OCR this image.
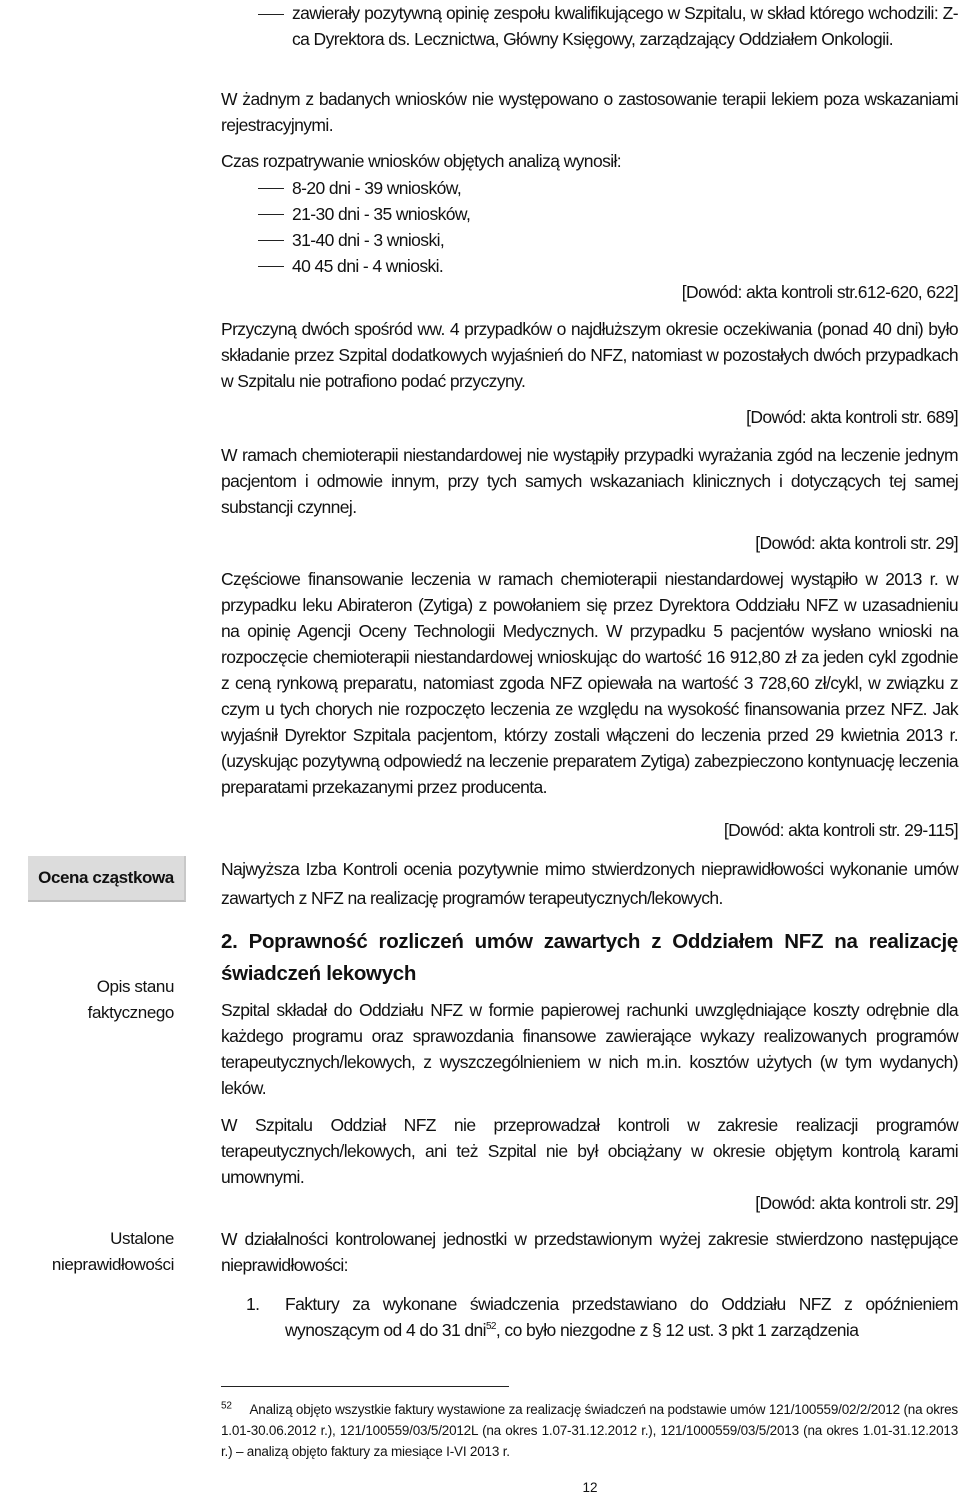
zawierały pozytywną opinię zespołu kwalifikującego w Szpitalu, w skład którego wchodzili: Z-ca Dyrektora ds. Lecznictwa, Główny Księgowy, zarządzający Oddziałem Onkologii.
W żadnym z badanych wniosków nie występowano o zastosowanie terapii lekiem poza wskazaniami rejestracyjnymi.
Czas rozpatrywanie wniosków objętych analizą wynosił:
8-20 dni - 39 wniosków,
21-30 dni - 35 wniosków,
31-40 dni - 3 wnioski,
40 45 dni - 4 wnioski.
[Dowód: akta kontroli str.612-620, 622]
Przyczyną dwóch spośród ww. 4 przypadków o najdłuższym okresie oczekiwania (ponad 40 dni) było składanie przez Szpital dodatkowych wyjaśnień do NFZ, natomiast w pozostałych dwóch przypadkach w Szpitalu nie potrafiono podać przyczyny.
[Dowód: akta kontroli str. 689]
W ramach chemioterapii niestandardowej nie wystąpiły przypadki wyrażania zgód na leczenie jednym pacjentom i odmowie innym, przy tych samych wskazaniach klinicznych i dotyczących tej samej substancji czynnej.
[Dowód: akta kontroli str. 29]
Częściowe finansowanie leczenia w ramach chemioterapii niestandardowej wystąpiło w 2013 r. w przypadku leku Abirateron (Zytiga) z powołaniem się przez Dyrektora Oddziału NFZ w uzasadnieniu na opinię Agencji Oceny Technologii Medycznych. W przypadku 5 pacjentów wysłano wnioski na rozpoczęcie chemioterapii niestandardowej wnioskując do wartość 16 912,80 zł za jeden cykl zgodnie z ceną rynkową preparatu, natomiast zgoda NFZ opiewała na wartość 3 728,60 zł/cykl, w związku z czym u tych chorych nie rozpoczęto leczenia ze względu na wysokość finansowania przez NFZ. Jak wyjaśnił Dyrektor Szpitala pacjentom, którzy zostali włączeni do leczenia przed 29 kwietnia 2013 r. (uzyskując pozytywną odpowiedź na leczenie preparatem Zytiga) zabezpieczono kontynuację leczenia preparatami przekazanymi przez producenta.
[Dowód: akta kontroli str. 29-115]
Ocena cząstkowa
Opis stanu
faktycznego
Ustalone
nieprawidłowości
Najwyższa Izba Kontroli ocenia pozytywnie mimo stwierdzonych nieprawidłowości wykonanie umów zawartych z NFZ na realizację programów terapeutycznych/lekowych.
2. Poprawność rozliczeń umów zawartych z Oddziałem NFZ na realizację świadczeń lekowych
Szpital składał do Oddziału NFZ w formie papierowej rachunki uwzględniające koszty odrębnie dla każdego programu oraz sprawozdania finansowe zawierające wykazy realizowanych programów terapeutycznych/lekowych, z wyszczególnieniem w nich m.in. kosztów użytych (w tym wydanych) leków.
W Szpitalu Oddział NFZ nie przeprowadzał kontroli w zakresie realizacji programów terapeutycznych/lekowych, ani też Szpital nie był obciążany w okresie objętym kontrolą karami umownymi.
[Dowód: akta kontroli str. 29]
W działalności kontrolowanej jednostki w przedstawionym wyżej zakresie stwierdzono następujące nieprawidłowości:
1.	Faktury za wykonane świadczenia przedstawiano do Oddziału NFZ z opóźnieniem wynoszącym od 4 do 31 dni$^{52}$, co było niezgodne z § 12 ust. 3 pkt 1 zarządzenia
$^{52}$ Analizą objęto wszystkie faktury wystawione za realizację świadczeń na podstawie umów 121/100559/02/2/2012 (na okres 1.01-30.06.2012 r.), 121/100559/03/5/2012L (na okres 1.07-31.12.2012 r.), 121/1000559/03/5/2013 (na okres 1.01-31.12.2013 r.) – analizą objęto faktury za miesiące I-VI 2013 r.
12
